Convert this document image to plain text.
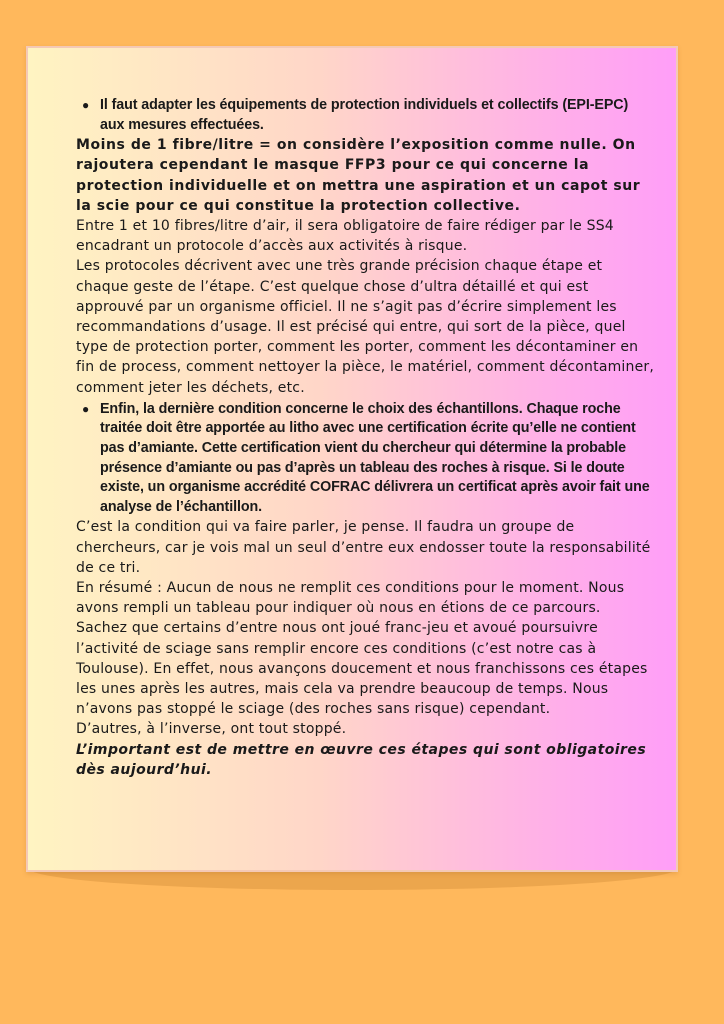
● Il faut adapter les équipements de protection individuels et collectifs (EPI-EPC) aux mesures effectuées.

Moins de 1 fibre/litre = on considère l’exposition comme nulle. On rajoutera cependant le masque FFP3 pour ce qui concerne la protection individuelle et on mettra une aspiration et un capot sur la scie pour ce qui constitue la protection collective.

Entre 1 et 10 fibres/litre d’air, il sera obligatoire de faire rédiger par le SS4 encadrant un protocole d’accès aux activités à risque.

Les protocoles décrivent avec une très grande précision chaque étape et chaque geste de l’étape. C’est quelque chose d’ultra détaillé et qui est approuvé par un organisme officiel. Il ne s’agit pas d’écrire simplement les recommandations d’usage. Il est précisé qui entre, qui sort de la pièce, quel type de protection porter, comment les porter, comment les décontaminer en fin de process, comment nettoyer la pièce, le matériel, comment décontaminer, comment jeter les déchets, etc.

● Enfin, la dernière condition concerne le choix des échantillons. Chaque roche traitée doit être apportée au litho avec une certification écrite qu’elle ne contient pas d’amiante. Cette certification vient du chercheur qui détermine la probable présence d’amiante ou pas d’après un tableau des roches à risque. Si le doute existe, un organisme accrédité COFRAC délivrera un certificat après avoir fait une analyse de l’échantillon.

C’est la condition qui va faire parler, je pense. Il faudra un groupe de chercheurs, car je vois mal un seul d’entre eux endosser toute la responsabilité de ce tri.

En résumé : Aucun de nous ne remplit ces conditions pour le moment. Nous avons rempli un tableau pour indiquer où nous en étions de ce parcours. Sachez que certains d’entre nous ont joué franc-jeu et avoué poursuivre l’activité de sciage sans remplir encore ces conditions (c’est notre cas à Toulouse). En effet, nous avançons doucement et nous franchissons ces étapes les unes après les autres, mais cela va prendre beaucoup de temps. Nous n’avons pas stoppé le sciage (des roches sans risque) cependant.

D’autres, à l’inverse, ont tout stoppé.

L’important est de mettre en œuvre ces étapes qui sont obligatoires dès aujourd’hui.
